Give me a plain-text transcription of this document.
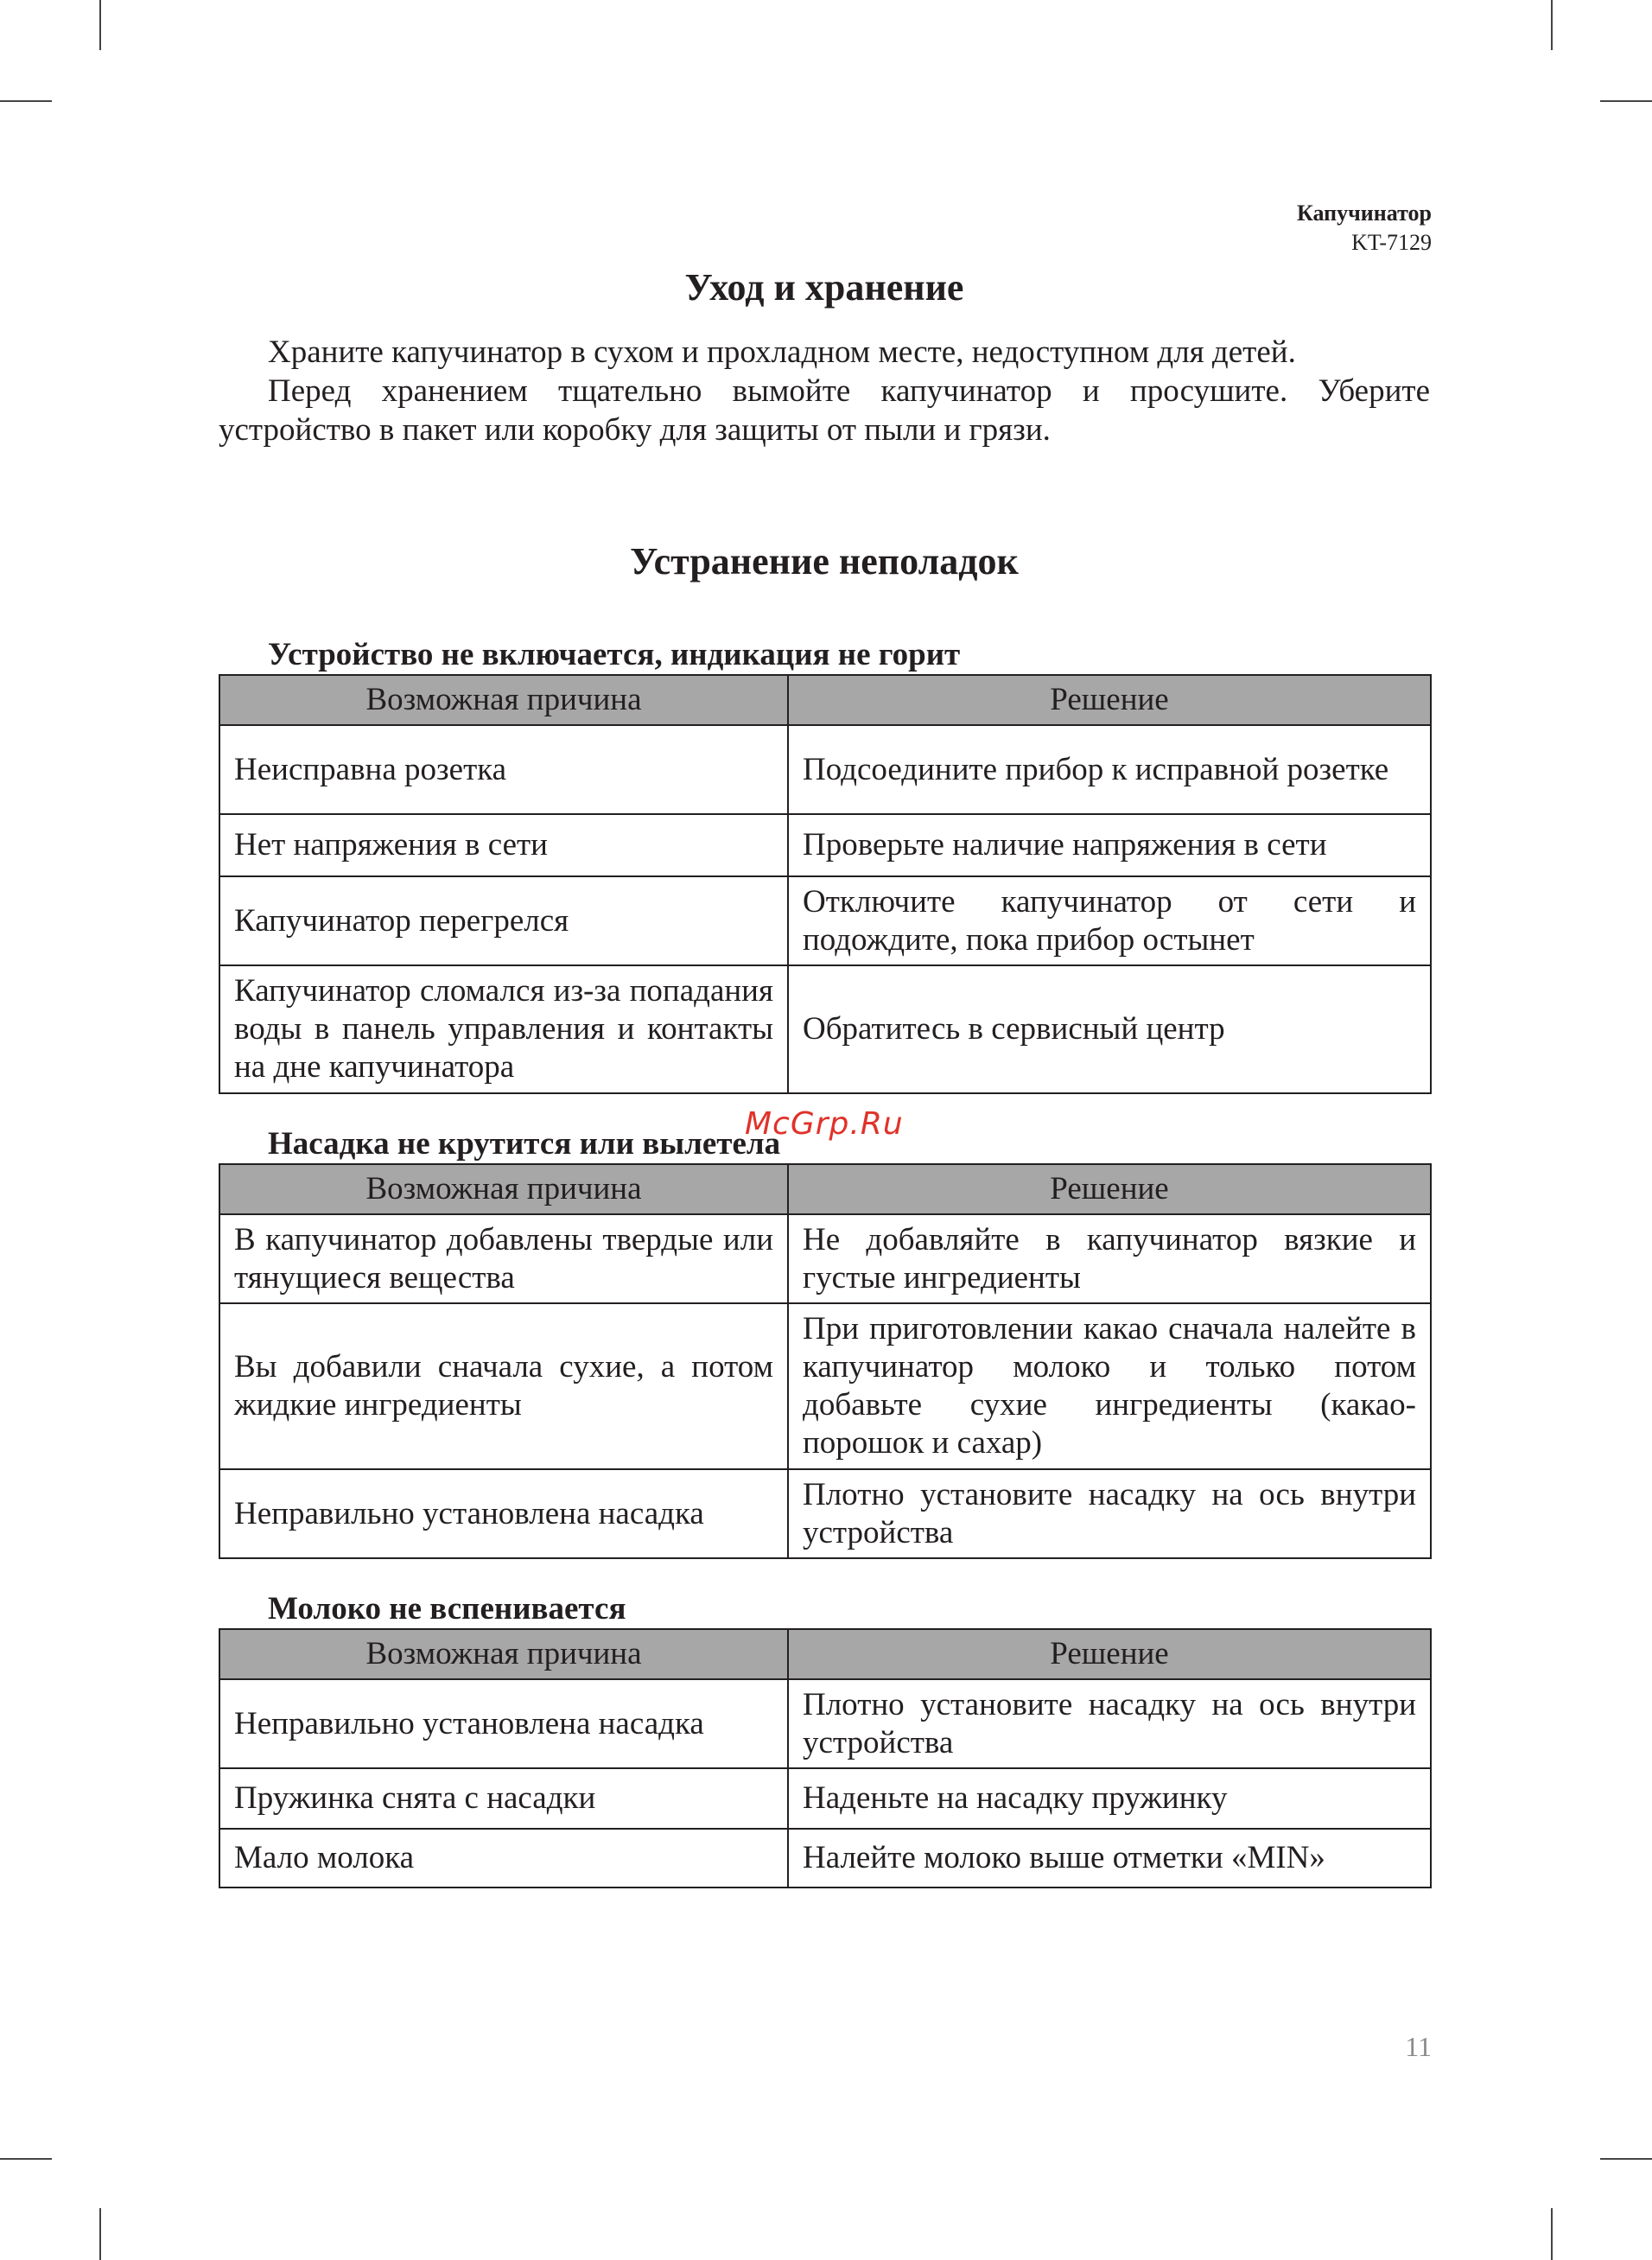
Капучинатор
KT-7129
Уход и хранение

Храните капучинатор в сухом и прохладном месте, недоступном для детей.

Перед хранением тщательно вымойте капучинатор и просушите. Уберите устройство в пакет или коробку для защиты от пыли и грязи.

Устранение неполадок
Устройство не включается, индикация не горит
Возможная причина	Решение
Неисправна розетка	Подсоедините прибор к исправной розетке
Нет напряжения в сети	Проверьте наличие напряжения в сети
Капучинатор перегрелся	Отключите капучинатор от сети и подождите, пока прибор остынет
Капучинатор сломался из-за попадания воды в панель управления и контакты на дне капучинатора	Обратитесь в сервисный центр
Насадка не крутится или вылетела
Возможная причина	Решение
В капучинатор добавлены твердые или тянущиеся вещества	Не добавляйте в капучинатор вязкие и густые ингредиенты
Вы добавили сначала сухие, а потом жидкие ингредиенты	При приготовлении какао сначала налейте в капучинатор молоко и только потом добавьте сухие ингредиенты (какао-порошок и сахар)
Неправильно установлена насадка	Плотно установите насадку на ось внутри устройства
Молоко не вспенивается
Возможная причина	Решение
Неправильно установлена насадка	Плотно установите насадку на ось внутри устройства
Пружинка снята с насадки	Наденьте на насадку пружинку
Мало молока	Налейте молоко выше отметки «MIN»
McGrp.Ru
11
